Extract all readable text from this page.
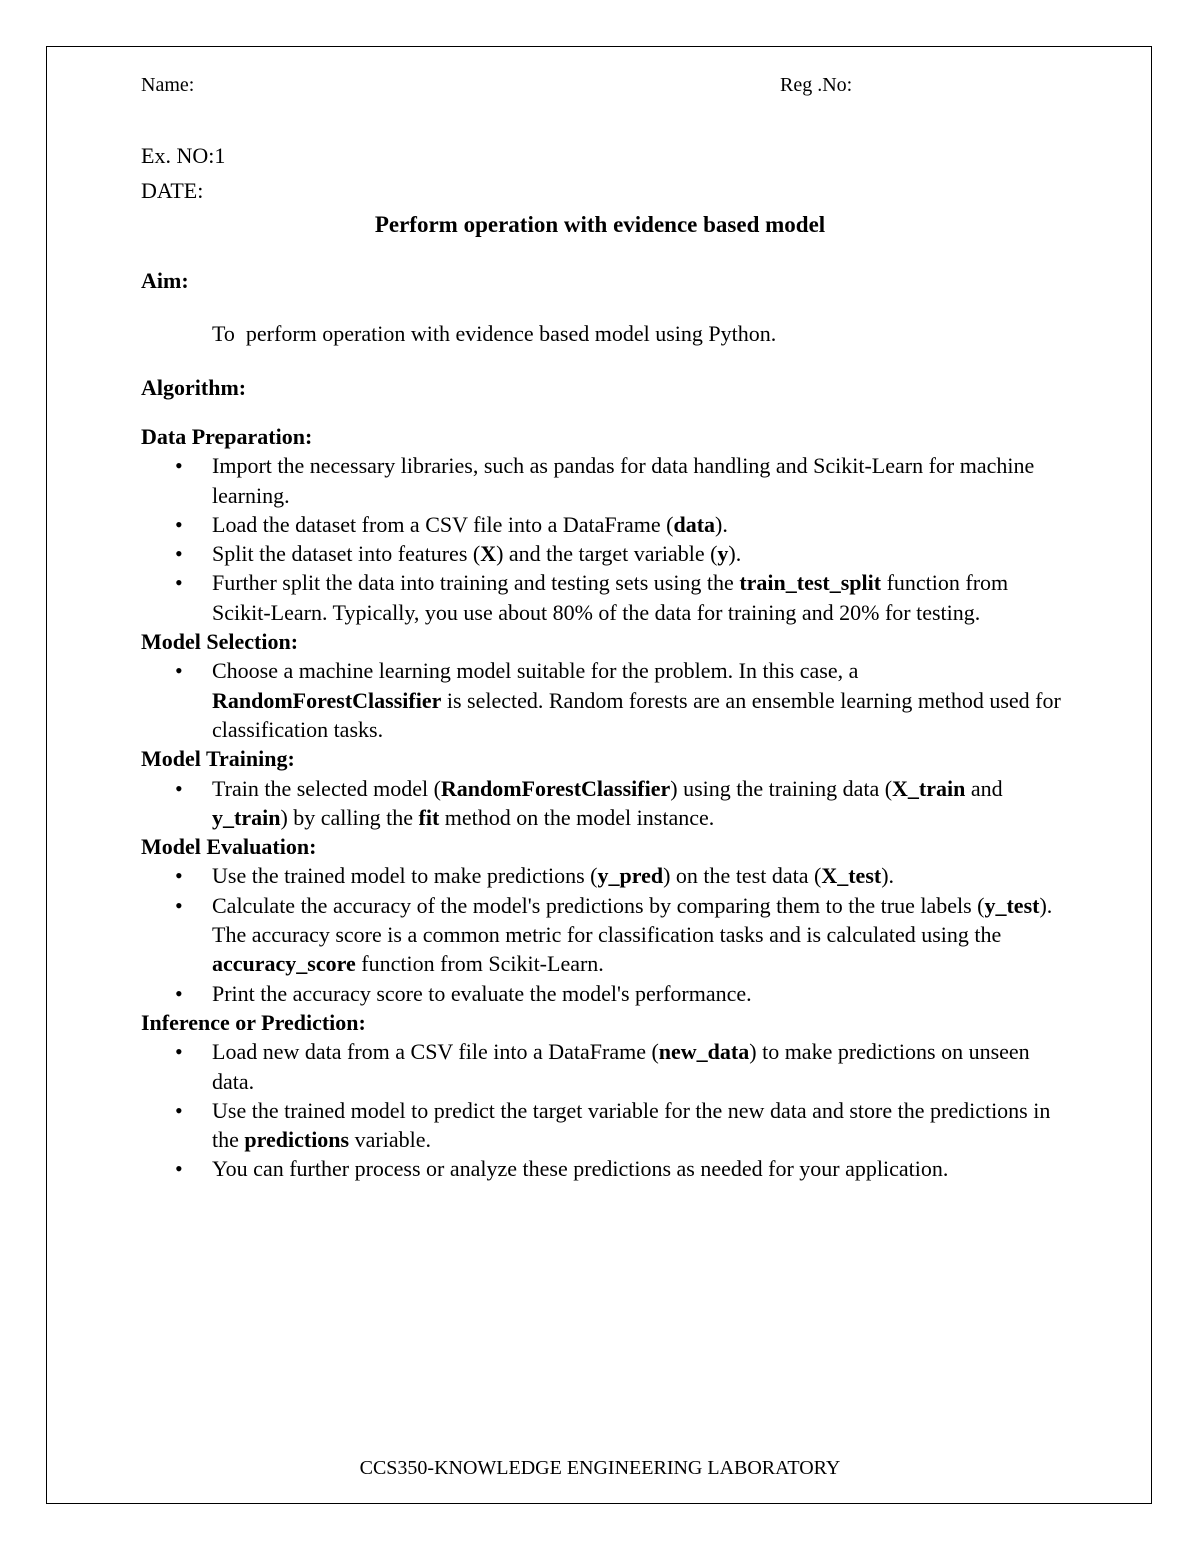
Name:	Reg .No:
Ex. NO:1
DATE:
Perform operation with evidence based model
Aim:
To  perform operation with evidence based model using Python.
Algorithm:
Data Preparation:
• Import the necessary libraries, such as pandas for data handling and Scikit-Learn for machine learning.
• Load the dataset from a CSV file into a DataFrame (data).
• Split the dataset into features (X) and the target variable (y).
• Further split the data into training and testing sets using the train_test_split function from Scikit-Learn. Typically, you use about 80% of the data for training and 20% for testing.
Model Selection:
• Choose a machine learning model suitable for the problem. In this case, a RandomForestClassifier is selected. Random forests are an ensemble learning method used for classification tasks.
Model Training:
• Train the selected model (RandomForestClassifier) using the training data (X_train and y_train) by calling the fit method on the model instance.
Model Evaluation:
• Use the trained model to make predictions (y_pred) on the test data (X_test).
• Calculate the accuracy of the model's predictions by comparing them to the true labels (y_test). The accuracy score is a common metric for classification tasks and is calculated using the accuracy_score function from Scikit-Learn.
• Print the accuracy score to evaluate the model's performance.
Inference or Prediction:
• Load new data from a CSV file into a DataFrame (new_data) to make predictions on unseen data.
• Use the trained model to predict the target variable for the new data and store the predictions in the predictions variable.
• You can further process or analyze these predictions as needed for your application.
CCS350-KNOWLEDGE ENGINEERING LABORATORY
